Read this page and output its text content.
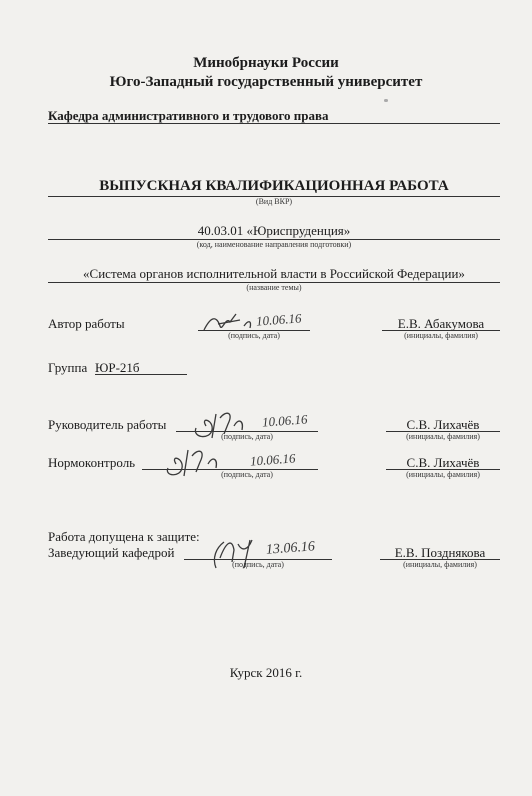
Минобрнауки России
Юго-Западный государственный университет
Кафедра административного и трудового права
ВЫПУСКНАЯ КВАЛИФИКАЦИОННАЯ РАБОТА
(Вид ВКР)
40.03.01 «Юриспруденция»
(код, наименование направления подготовки)
«Система органов исполнительной власти в Российской Федерации»
(название темы)
Автор работы	10.06.16
(подпись, дата)
Е.В. Абакумова
(инициалы, фамилия)
Группа ЮР-21б
Руководитель работы	10.06.16
(подпись, дата)
С.В. Лихачёв
(инициалы, фамилия)
Нормоконтроль	10.06.16
(подпись, дата)
С.В. Лихачёв
(инициалы, фамилия)
Работа допущена к защите:
Заведующий кафедрой	13.06.16
(подпись, дата)
Е.В. Позднякова
(инициалы, фамилия)
Курск 2016 г.
